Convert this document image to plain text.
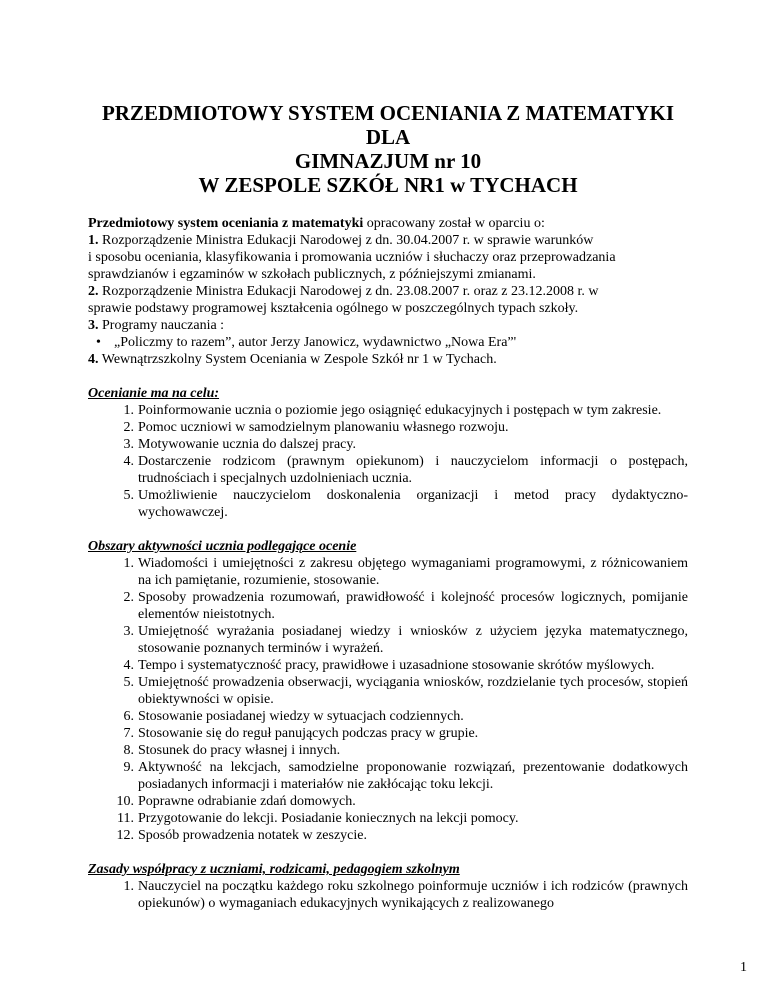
PRZEDMIOTOWY SYSTEM OCENIANIA Z MATEMATYKI
DLA
GIMNAZJUM nr 10
W ZESPOLE SZKÓŁ NR1 w TYCHACH

Przedmiotowy system oceniania z matematyki opracowany został w oparciu o:

1. Rozporządzenie Ministra Edukacji Narodowej z dn. 30.04.2007 r. w sprawie warunków

i sposobu oceniania, klasyfikowania i promowania uczniów i słuchaczy oraz przeprowadzania

sprawdzianów i egzaminów w szkołach publicznych, z późniejszymi zmianami.

2. Rozporządzenie Ministra Edukacji Narodowej z dn. 23.08.2007 r. oraz z 23.12.2008 r. w

sprawie podstawy programowej kształcenia ogólnego w poszczególnych typach szkoły.

3. Programy nauczania :

• „Policzmy to razem”, autor Jerzy Janowicz, wydawnictwo „Nowa Era”'

4. Wewnątrzszkolny System Oceniania w Zespole Szkół nr 1 w Tychach.

Ocenianie ma na celu:
1. Poinformowanie ucznia o poziomie jego osiągnięć edukacyjnych i postępach w tym zakresie.
2. Pomoc uczniowi w samodzielnym planowaniu własnego rozwoju.
3. Motywowanie ucznia do dalszej pracy.
4. Dostarczenie rodzicom (prawnym opiekunom) i nauczycielom informacji o postępach, trudnościach i specjalnych uzdolnieniach ucznia.
5. Umożliwienie nauczycielom doskonalenia organizacji i metod pracy dydaktyczno-wychowawczej.
Obszary aktywności ucznia podlegające ocenie
1. Wiadomości i umiejętności z zakresu objętego wymaganiami programowymi, z różnicowaniem na ich pamiętanie, rozumienie, stosowanie.
2. Sposoby prowadzenia rozumowań, prawidłowość i kolejność procesów logicznych, pomijanie elementów nieistotnych.
3. Umiejętność wyrażania posiadanej wiedzy i wniosków z użyciem języka matematycznego, stosowanie poznanych terminów i wyrażeń.
4. Tempo i systematyczność pracy, prawidłowe i uzasadnione stosowanie skrótów myślowych.
5. Umiejętność prowadzenia obserwacji, wyciągania wniosków, rozdzielanie tych procesów, stopień obiektywności w opisie.
6. Stosowanie posiadanej wiedzy w sytuacjach codziennych.
7. Stosowanie się do reguł panujących podczas pracy w grupie.
8. Stosunek do pracy własnej i innych.
9. Aktywność na lekcjach, samodzielne proponowanie rozwiązań, prezentowanie dodatkowych posiadanych informacji i materiałów nie zakłócając toku lekcji.
10. Poprawne odrabianie zdań domowych.
11. Przygotowanie do lekcji. Posiadanie koniecznych na lekcji pomocy.
12. Sposób prowadzenia notatek w zeszycie.
Zasady współpracy z uczniami, rodzicami, pedagogiem szkolnym
1. Nauczyciel na początku każdego roku szkolnego poinformuje uczniów i ich rodziców (prawnych opiekunów) o wymaganiach edukacyjnych wynikających z realizowanego
1
